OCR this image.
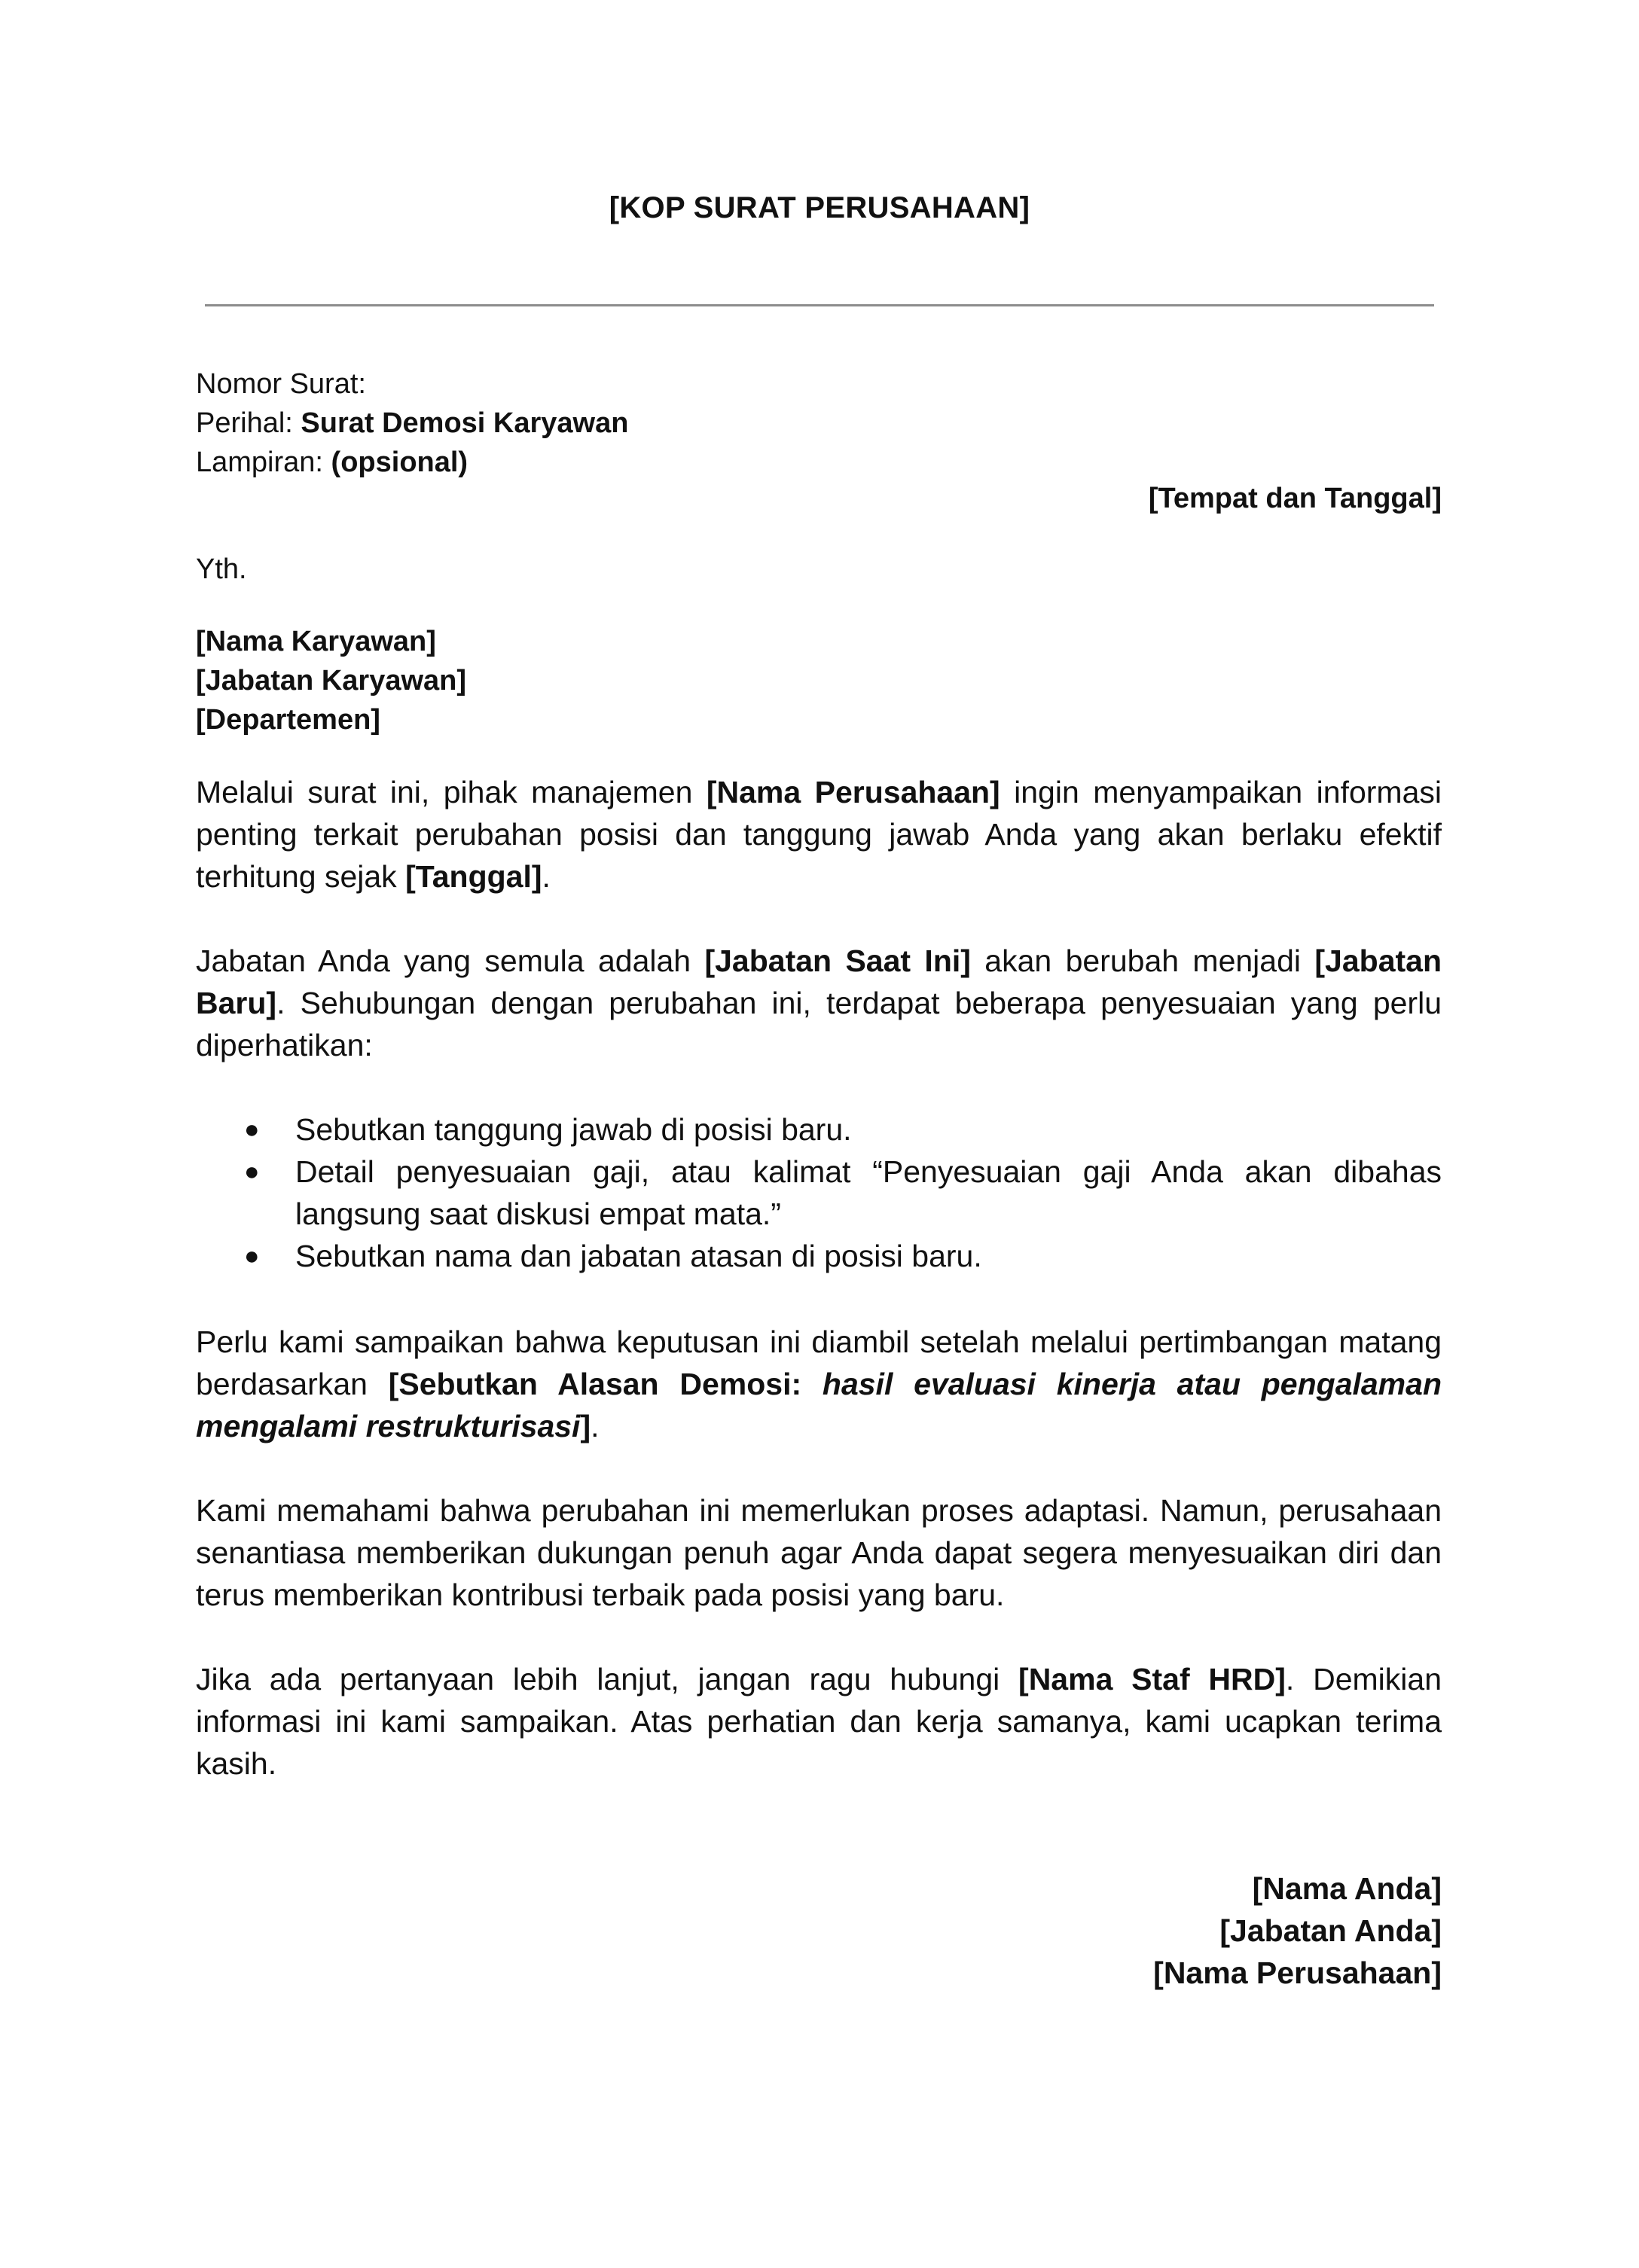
[KOP SURAT PERUSAHAAN]
Nomor Surat:
Perihal: Surat Demosi Karyawan
Lampiran: (opsional)
[Tempat dan Tanggal]
Yth.
[Nama Karyawan]
[Jabatan Karyawan]
[Departemen]

Melalui surat ini, pihak manajemen [Nama Perusahaan] ingin menyampaikan informasi penting terkait perubahan posisi dan tanggung jawab Anda yang akan berlaku efektif terhitung sejak [Tanggal].

Jabatan Anda yang semula adalah [Jabatan Saat Ini] akan berubah menjadi [Jabatan Baru]. Sehubungan dengan perubahan ini, terdapat beberapa penyesuaian yang perlu diperhatikan:

● Sebutkan tanggung jawab di posisi baru.
● Detail penyesuaian gaji, atau kalimat “Penyesuaian gaji Anda akan dibahas langsung saat diskusi empat mata.”
● Sebutkan nama dan jabatan atasan di posisi baru.

Perlu kami sampaikan bahwa keputusan ini diambil setelah melalui pertimbangan matang berdasarkan [Sebutkan Alasan Demosi: hasil evaluasi kinerja atau pengalaman mengalami restrukturisasi].

Kami memahami bahwa perubahan ini memerlukan proses adaptasi. Namun, perusahaan senantiasa memberikan dukungan penuh agar Anda dapat segera menyesuaikan diri dan terus memberikan kontribusi terbaik pada posisi yang baru.

Jika ada pertanyaan lebih lanjut, jangan ragu hubungi [Nama Staf HRD]. Demikian informasi ini kami sampaikan. Atas perhatian dan kerja samanya, kami ucapkan terima kasih.

[Nama Anda]
[Jabatan Anda]
[Nama Perusahaan]
